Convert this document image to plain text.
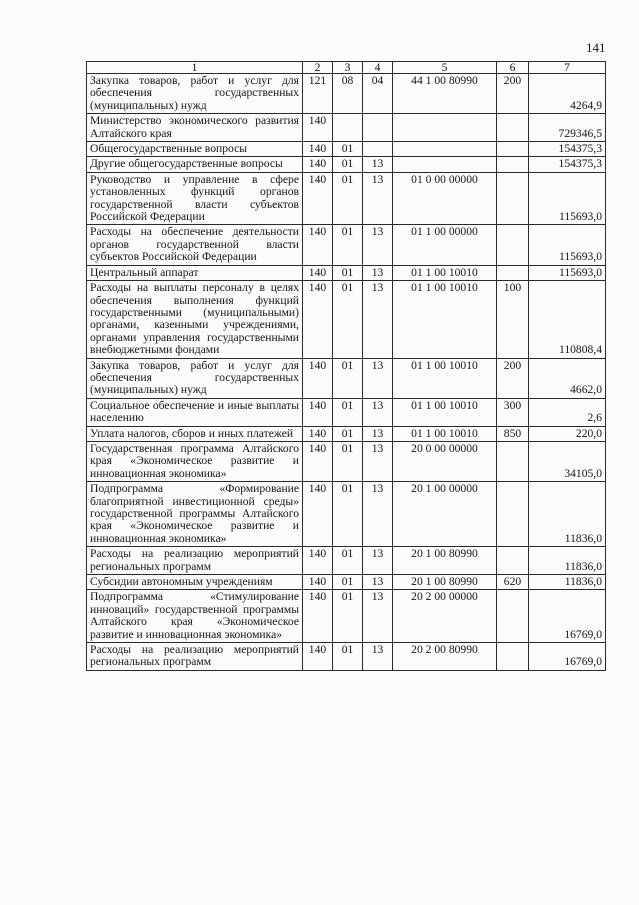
141
1	2	3	4	5	6	7
Закупка товаров, работ и услуг для обеспечения государственных (муниципальных) нужд	121	08	04	44 1 00 80990	200	4264,9
Министерство экономического развития Алтайского края	140					729346,5
Общегосударственные вопросы	140	01				154375,3
Другие общегосударственные вопросы	140	01	13			154375,3
Руководство и управление в сфере установленных функций органов государственной власти субъектов Российской Федерации	140	01	13	01 0 00 00000		115693,0
Расходы на обеспечение деятельности органов государственной власти субъектов Российской Федерации	140	01	13	01 1 00 00000		115693,0
Центральный аппарат	140	01	13	01 1 00 10010		115693,0
Расходы на выплаты персоналу в целях обеспечения выполнения функций государственными (муниципальными) органами, казенными учреждениями, органами управления государственными внебюджетными фондами	140	01	13	01 1 00 10010	100	110808,4
Закупка товаров, работ и услуг для обеспечения государственных (муниципальных) нужд	140	01	13	01 1 00 10010	200	4662,0
Социальное обеспечение и иные выплаты населению	140	01	13	01 1 00 10010	300	2,6
Уплата налогов, сборов и иных платежей	140	01	13	01 1 00 10010	850	220,0
Государственная программа Алтайского края «Экономическое развитие и инновационная экономика»	140	01	13	20 0 00 00000		34105,0
Подпрограмма «Формирование благоприятной инвестиционной среды» государственной программы Алтайского края «Экономическое развитие и инновационная экономика»	140	01	13	20 1 00 00000		11836,0
Расходы на реализацию мероприятий региональных программ	140	01	13	20 1 00 80990		11836,0
Субсидии автономным учреждениям	140	01	13	20 1 00 80990	620	11836,0
Подпрограмма «Стимулирование инноваций» государственной программы Алтайского края «Экономическое развитие и инновационная экономика»	140	01	13	20 2 00 00000		16769,0
Расходы на реализацию мероприятий региональных программ	140	01	13	20 2 00 80990		16769,0
